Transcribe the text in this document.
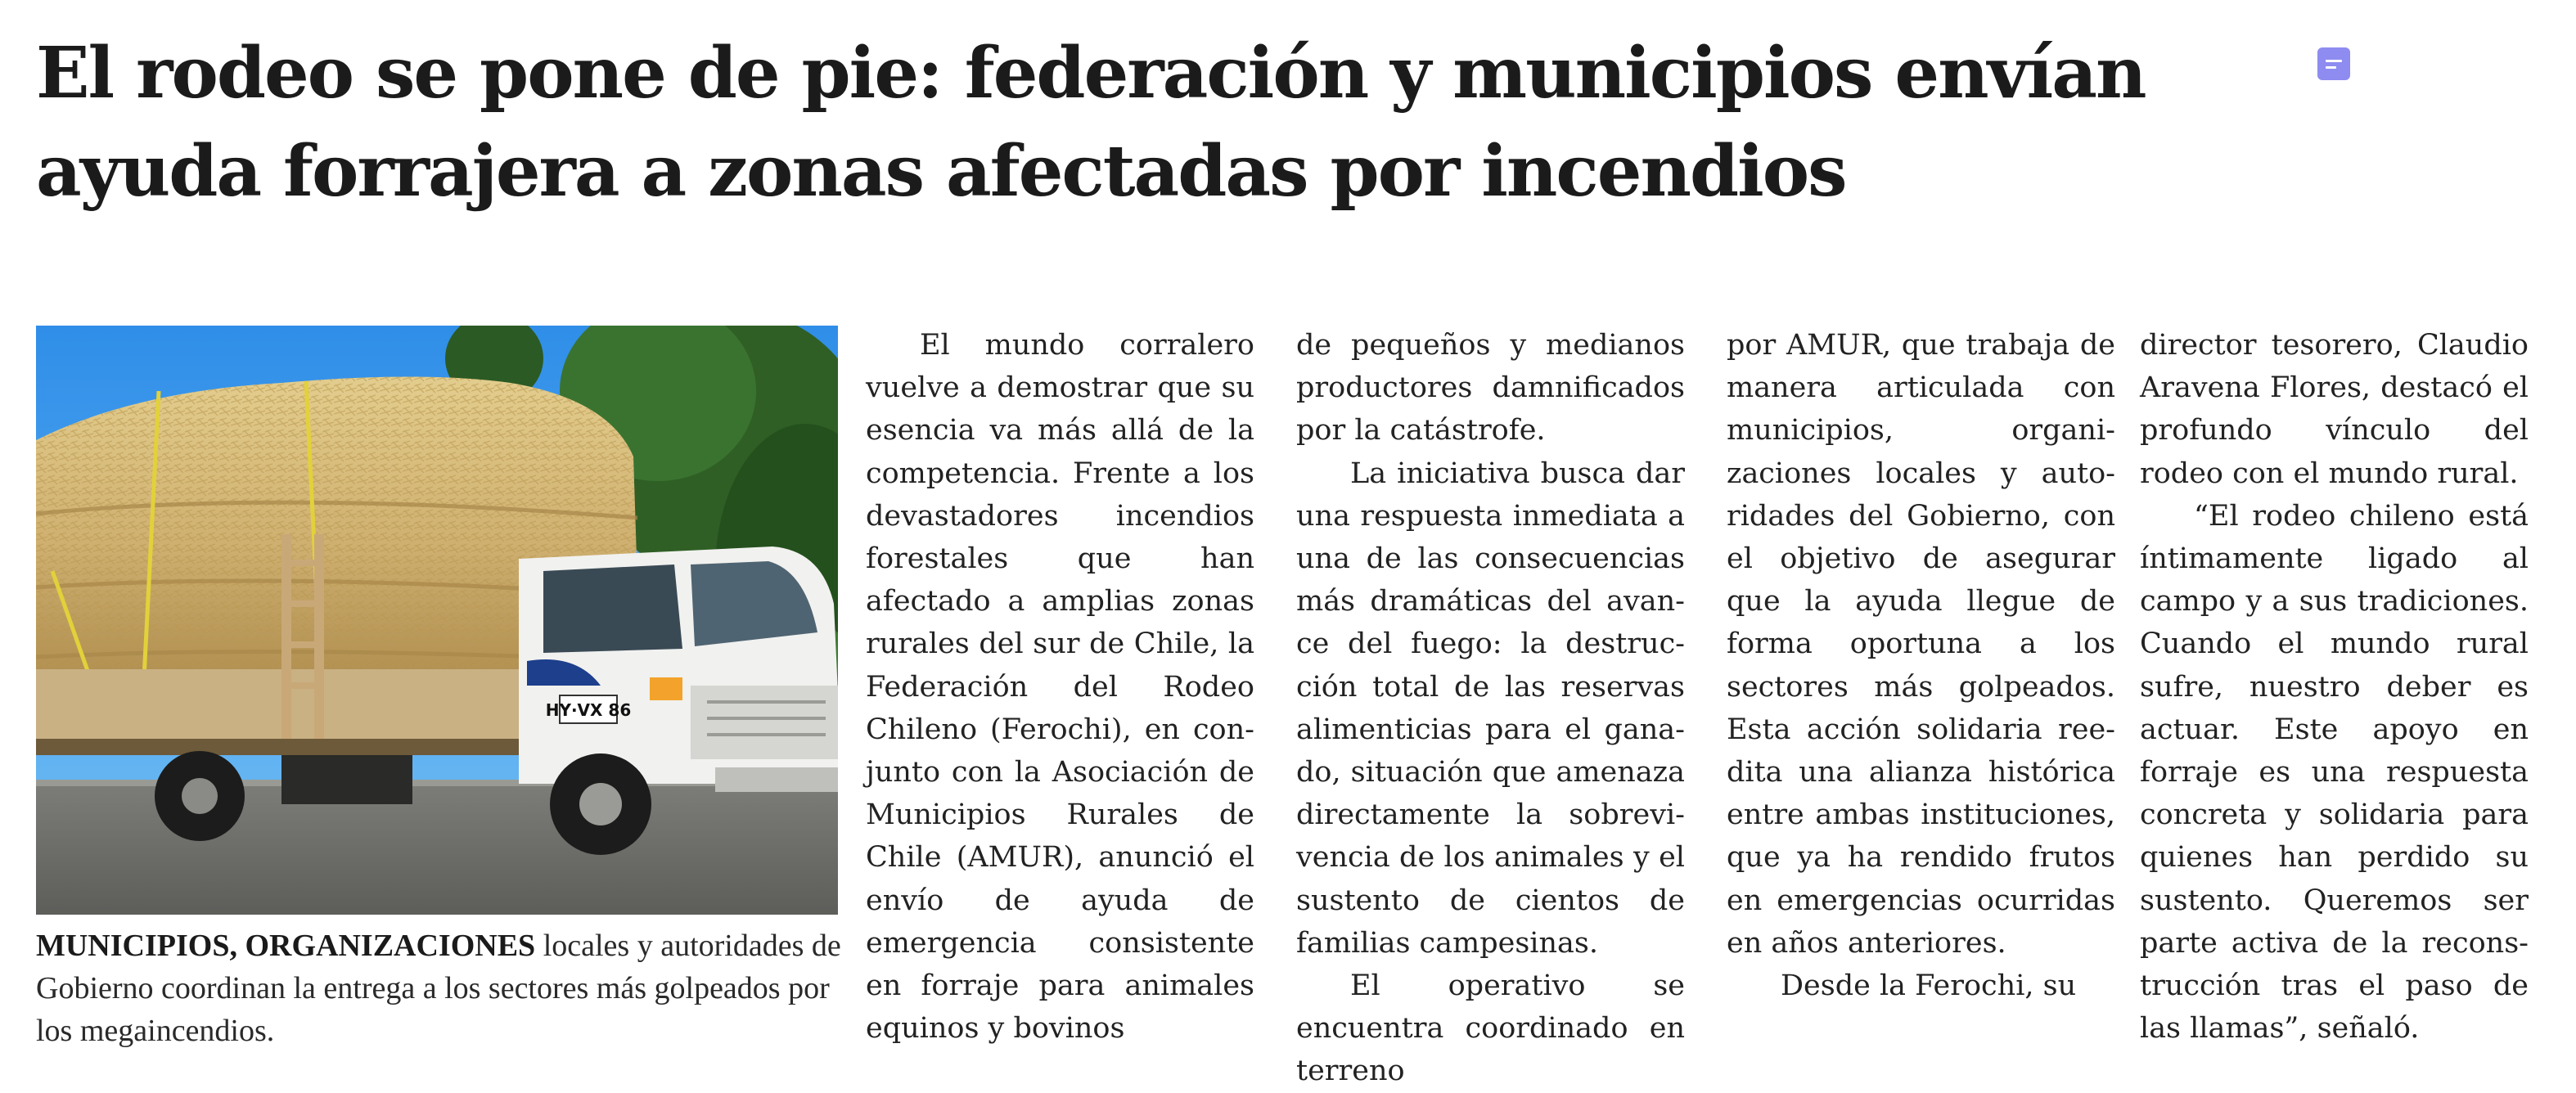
El rodeo se pone de pie: federación y municipios envían
ayuda forrajera a zonas afectadas por incendios
HY·VX 86

MUNICIPIOS, ORGANIZACIONES locales y autoridades de Gobierno coordinan la entrega a los sectores más golpeados por los megaincendios.

El mundo corralero vuelve a demostrar que su esencia va más allá de la competencia. Frente a los devastadores incendios forestales que han afectado a amplias zonas rurales del sur de Chile, la Federación del Rodeo Chileno (Ferochi), en conjunto con la Asociación de Municipios Rurales de Chile (AMUR), anunció el envío de ayuda de emergencia consistente en forraje para animales equinos y bovinos

de pequeños y medianos productores damnificados por la catástrofe.

La iniciativa busca dar una respuesta inmediata a una de las consecuencias más dramáticas del avance del fuego: la destrucción total de las reservas alimenticias para el ganado, situación que amenaza directamente la sobrevivencia de los animales y el sustento de cientos de familias campesinas.

El operativo se encuentra coordinado en terreno

por AMUR, que trabaja de manera articulada con municipios, organizaciones locales y autoridades del Gobierno, con el objetivo de asegurar que la ayuda llegue de forma oportuna a los sectores más golpeados. Esta acción solidaria reedita una alianza histórica entre ambas instituciones, que ya ha rendido frutos en emergencias ocurridas en años anteriores.

Desde la Ferochi, su

director tesorero, Claudio Aravena Flores, destacó el profundo vínculo del rodeo con el mundo rural.

“El rodeo chileno está íntimamente ligado al campo y a sus tradiciones. Cuando el mundo rural sufre, nuestro deber es actuar. Este apoyo en forraje es una respuesta concreta y solidaria para quienes han perdido su sustento. Queremos ser parte activa de la reconstrucción tras el paso de las llamas”, señaló.
